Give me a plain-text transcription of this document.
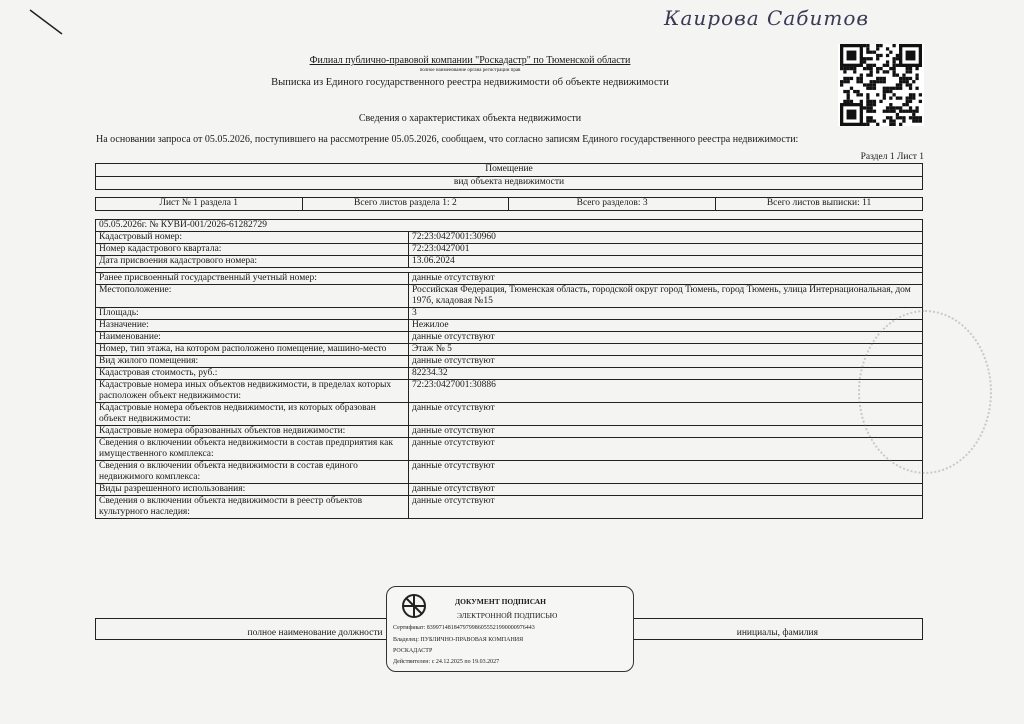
Каирова Сабитов
Филиал публично-правовой компании "Роскадастр" по Тюменской области
полное наименование органа регистрации прав
Выписка из Единого государственного реестра недвижимости об объекте недвижимости
Сведения о характеристиках объекта недвижимости
На основании запроса от 05.05.2026, поступившего на рассмотрение 05.05.2026, сообщаем, что согласно записям Единого государственного реестра недвижимости:
Раздел 1 Лист 1
Помещение
вид объекта недвижимости
Лист № 1 раздела 1	Всего листов раздела 1: 2	Всего разделов: 3	Всего листов выписки: 11
05.05.2026г. № КУВИ-001/2026-61282729	
Кадастровый номер:	72:23:0427001:30960
Номер кадастрового квартала:	72:23:0427001
Дата присвоения кадастрового номера:	13.06.2024

Ранее присвоенный государственный учетный номер:	данные отсутствуют
Местоположение:	Российская Федерация, Тюменская область, городской округ город Тюмень, город Тюмень, улица Интернациональная, дом 197б, кладовая №15
Площадь:	3
Назначение:	Нежилое
Наименование:	данные отсутствуют
Номер, тип этажа, на котором расположено помещение, машино-место	Этаж № 5
Вид жилого помещения:	данные отсутствуют
Кадастровая стоимость, руб.:	82234.32
Кадастровые номера иных объектов недвижимости, в пределах которых расположен объект недвижимости:	72:23:0427001:30886
Кадастровые номера объектов недвижимости, из которых образован объект недвижимости:	данные отсутствуют
Кадастровые номера образованных объектов недвижимости:	данные отсутствуют
Сведения о включении объекта недвижимости в состав предприятия как имущественного комплекса:	данные отсутствуют
Сведения о включении объекта недвижимости в состав единого недвижимого комплекса:	данные отсутствуют
Виды разрешенного использования:	данные отсутствуют
Сведения о включении объекта недвижимости в реестр объектов культурного наследия:	данные отсутствуют
полное наименование должности		инициалы, фамилия
ДОКУМЕНТ ПОДПИСАН
ЭЛЕКТРОННОЙ ПОДПИСЬЮ
Сертификат: 839971481847979986055521990000976443
Владелец: ПУБЛИЧНО-ПРАВОВАЯ КОМПАНИЯ
РОСКАДАСТР
Действителен: с 24.12.2025 по 19.03.2027
